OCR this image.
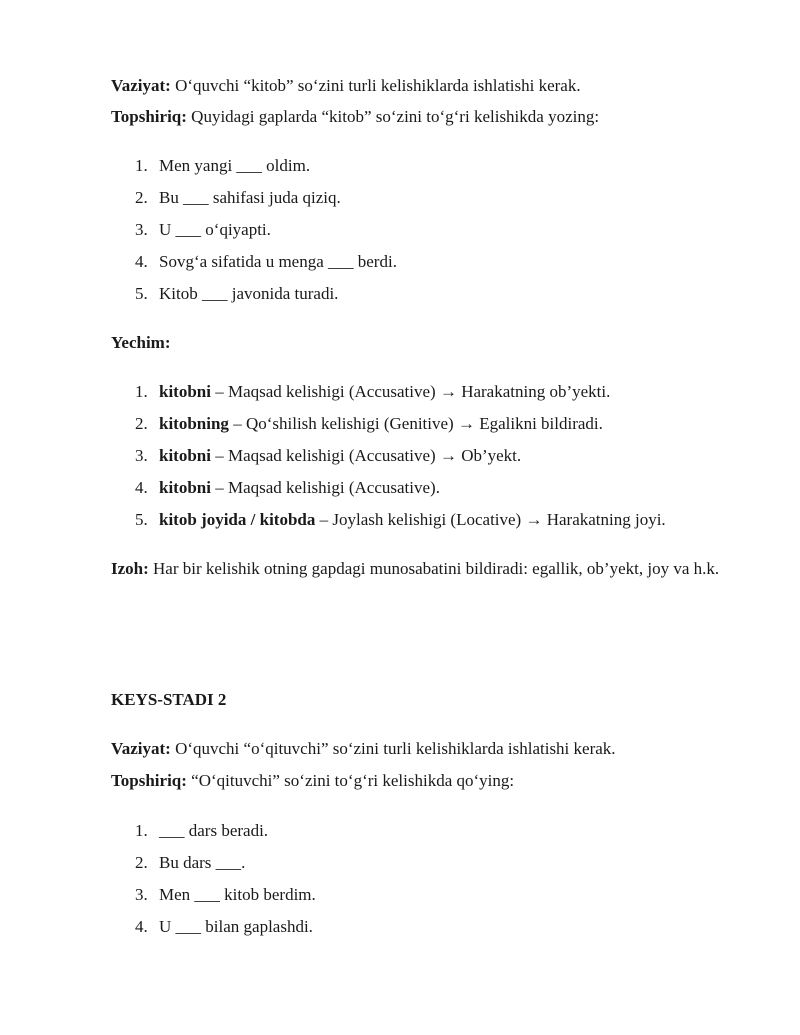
Vaziyat: O‘quvchi “kitob” so‘zini turli kelishiklarda ishlatishi kerak.
Topshiriq: Quyidagi gaplarda “kitob” so‘zini to‘g‘ri kelishikda yozing:
1. Men yangi ___ oldim.
2. Bu ___ sahifasi juda qiziq.
3. U ___ o‘qiyapti.
4. Sovg‘a sifatida u menga ___ berdi.
5. Kitob ___ javonida turadi.
Yechim:
1. kitobni – Maqsad kelishigi (Accusative) → Harakatning ob’yekti.
2. kitobning – Qo‘shilish kelishigi (Genitive) → Egalikni bildiradi.
3. kitobni – Maqsad kelishigi (Accusative) → Ob’yekt.
4. kitobni – Maqsad kelishigi (Accusative).
5. kitob joyida / kitobda – Joylash kelishigi (Locative) → Harakatning joyi.
Izoh: Har bir kelishik otning gapdagi munosabatini bildiradi: egallik, ob’yekt, joy va h.k.
KEYS-STADI 2
Vaziyat: O‘quvchi “o‘qituvchi” so‘zini turli kelishiklarda ishlatishi kerak.
Topshiriq: “O‘qituvchi” so‘zini to‘g‘ri kelishikda qo‘ying:
1. ___ dars beradi.
2. Bu dars ___.
3. Men ___ kitob berdim.
4. U ___ bilan gaplashdi.
